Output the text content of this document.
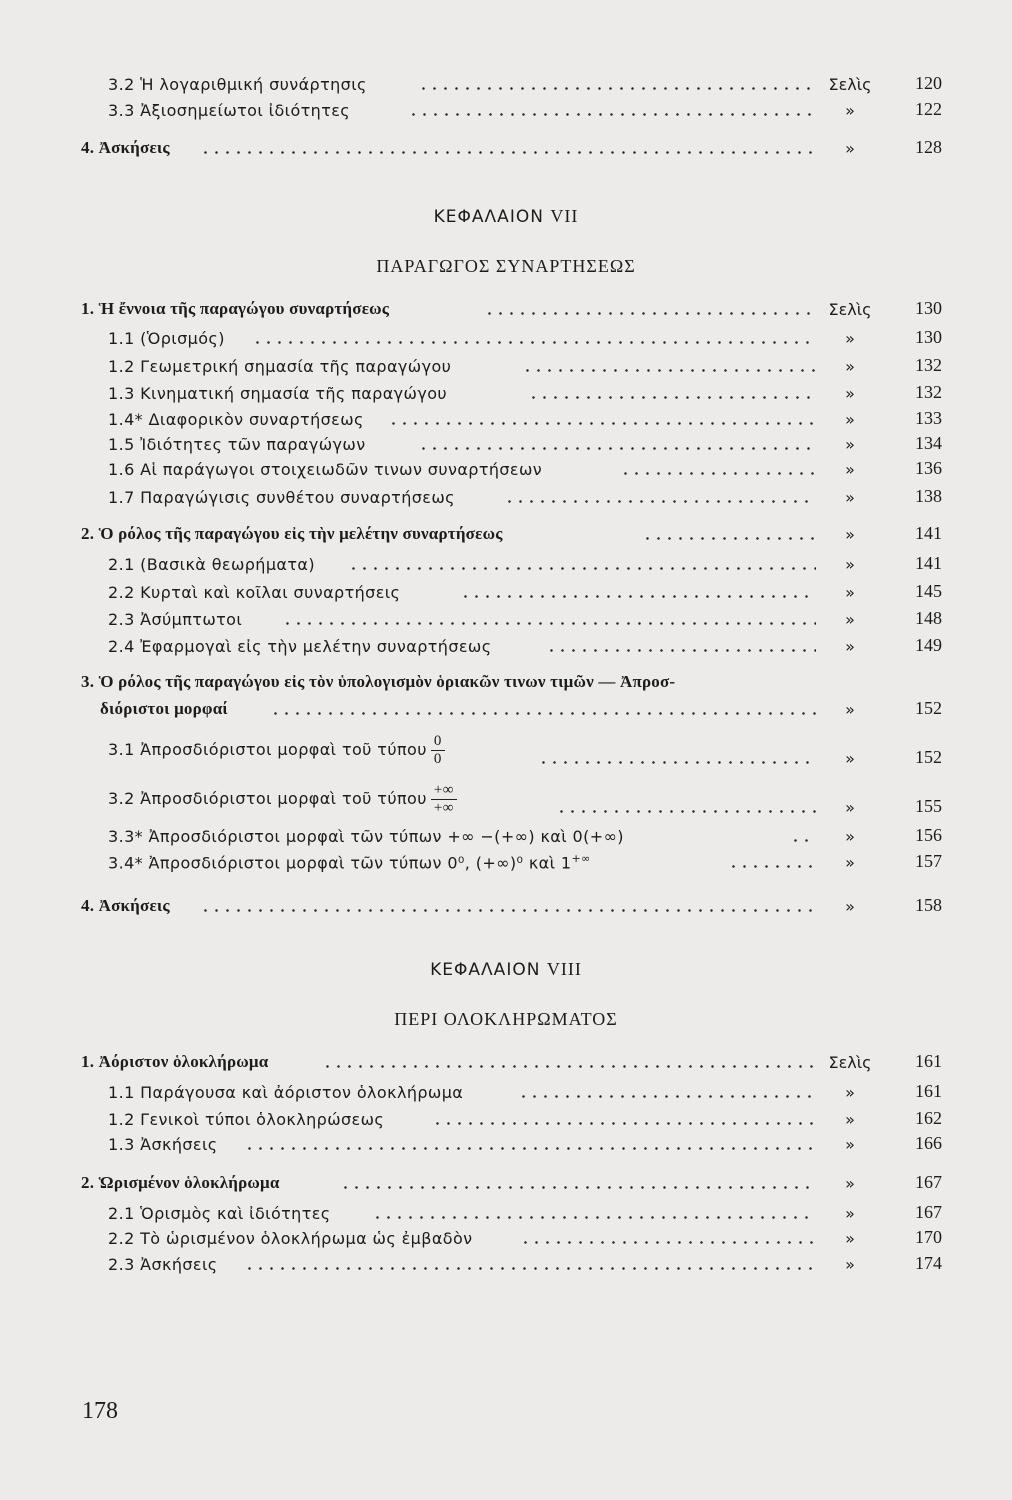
3.2 Ἡ λογαριθμική συνάρτησις	Σελὶς	120
3.3 Ἀξιοσημείωτοι ἰδιότητες	»	122
4. Ἀσκήσεις	»	128
ΚΕΦΑΛΑΙΟΝ VII
ΠΑΡΑΓΩΓΟΣ ΣΥΝΑΡΤΗΣΕΩΣ
1. Ἡ ἔννοια τῆς παραγώγου συναρτήσεως	Σελὶς	130
1.1 (Ὁρισμός)	»	130
1.2 Γεωμετρική σημασία τῆς παραγώγου	»	132
1.3 Κινηματική σημασία τῆς παραγώγου	»	132
1.4* Διαφορικὸν συναρτήσεως	»	133
1.5 Ἰδιότητες τῶν παραγώγων	»	134
1.6 Αἱ παράγωγοι στοιχειωδῶν τινων συναρτήσεων	»	136
1.7 Παραγώγισις συνθέτου συναρτήσεως	»	138
2. Ὁ ρόλος τῆς παραγώγου εἰς τὴν μελέτην συναρτήσεως	»	141
2.1 (Βασικὰ θεωρήματα)	»	141
2.2 Κυρταὶ καὶ κοῖλαι συναρτήσεις	»	145
2.3 Ἀσύμπτωτοι	»	148
2.4 Ἐφαρμογαὶ εἰς τὴν μελέτην συναρτήσεως	»	149
3. Ὁ ρόλος τῆς παραγώγου εἰς τὸν ὑπολογισμὸν ὁριακῶν τινων τιμῶν — Ἀπροσ-
διόριστοι μορφαί	»	152
3.1 Ἀπροσδιόριστοι μορφαὶ τοῦ τύπου $\frac{0}{0}$	»	152
3.2 Ἀπροσδιόριστοι μορφαὶ τοῦ τύπου $\frac{+\infty}{+\infty}$	»	155
3.3* Ἀπροσδιόριστοι μορφαὶ τῶν τύπων +∞ −(+∞) καὶ 0(+∞)	»	156
3.4* Ἀπροσδιόριστοι μορφαὶ τῶν τύπων 0⁰, (+∞)⁰ καὶ 1+∞	»	157
4. Ἀσκήσεις	»	158
ΚΕΦΑΛΑΙΟΝ VIII
ΠΕΡΙ ΟΛΟΚΛΗΡΩΜΑΤΟΣ
1. Ἀόριστον ὁλοκλήρωμα	Σελὶς	161
1.1 Παράγουσα καὶ ἀόριστον ὁλοκλήρωμα	»	161
1.2 Γενικοὶ τύποι ὁλοκληρώσεως	»	162
1.3 Ἀσκήσεις	»	166
2. Ὡρισμένον ὁλοκλήρωμα	»	167
2.1 Ὁρισμὸς καὶ ἰδιότητες	»	167
2.2 Τὸ ὡρισμένον ὁλοκλήρωμα ὡς ἐμβαδὸν	»	170
2.3 Ἀσκήσεις	»	174
178
